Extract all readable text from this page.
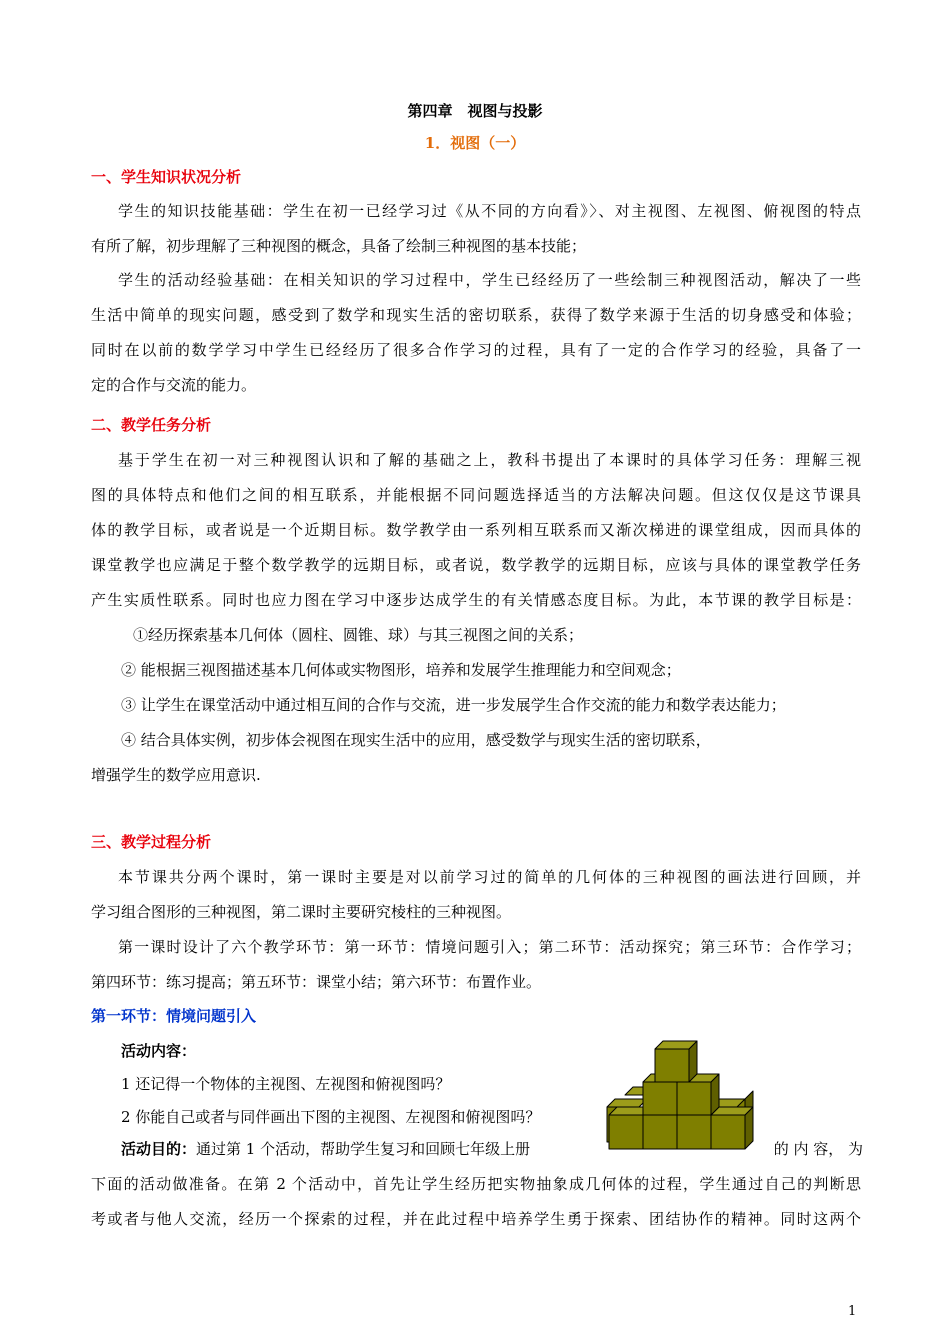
第四章　视图与投影
1．视图（一）
一、学生知识状况分析
学生的知识技能基础：学生在初一已经学习过《从不同的方向看》〉、对主视图、左视图、俯视图的特点
有所了解，初步理解了三种视图的概念，具备了绘制三种视图的基本技能；
学生的活动经验基础：在相关知识的学习过程中，学生已经经历了一些绘制三种视图活动，解决了一些
生活中简单的现实问题，感受到了数学和现实生活的密切联系，获得了数学来源于生活的切身感受和体验；
同时在以前的数学学习中学生已经经历了很多合作学习的过程，具有了一定的合作学习的经验，具备了一
定的合作与交流的能力。
二、教学任务分析
基于学生在初一对三种视图认识和了解的基础之上，教科书提出了本课时的具体学习任务：理解三视
图的具体特点和他们之间的相互联系，并能根据不同问题选择适当的方法解决问题。但这仅仅是这节课具
体的教学目标，或者说是一个近期目标。数学教学由一系列相互联系而又渐次梯进的课堂组成，因而具体的
课堂教学也应满足于整个数学教学的远期目标，或者说，数学教学的远期目标，应该与具体的课堂教学任务
产生实质性联系。同时也应力图在学习中逐步达成学生的有关情感态度目标。为此，本节课的教学目标是：
①经历探索基本几何体（圆柱、圆锥、球）与其三视图之间的关系；
② 能根据三视图描述基本几何体或实物图形，培养和发展学生推理能力和空间观念；
③ 让学生在课堂活动中通过相互间的合作与交流，进一步发展学生合作交流的能力和数学表达能力；
④ 结合具体实例，初步体会视图在现实生活中的应用，感受数学与现实生活的密切联系，
增强学生的数学应用意识.
三、教学过程分析
本节课共分两个课时，第一课时主要是对以前学习过的简单的几何体的三种视图的画法进行回顾，并
学习组合图形的三种视图，第二课时主要研究棱柱的三种视图。
第一课时设计了六个教学环节：第一环节：情境问题引入；第二环节：活动探究；第三环节：合作学习；
第四环节：练习提高；第五环节：课堂小结；第六环节：布置作业。
第一环节：情境问题引入
活动内容：
1 还记得一个物体的主视图、左视图和俯视图吗？
2 你能自己或者与同伴画出下图的主视图、左视图和俯视图吗？
活动目的：通过第 1 个活动，帮助学生复习和回顾七年级上册	的 内 容， 为
下面的活动做准备。在第 2 个活动中，首先让学生经历把实物抽象成几何体的过程，学生通过自己的判断思
考或者与他人交流，经历一个探索的过程，并在此过程中培养学生勇于探索、团结协作的精神。同时这两个
1
